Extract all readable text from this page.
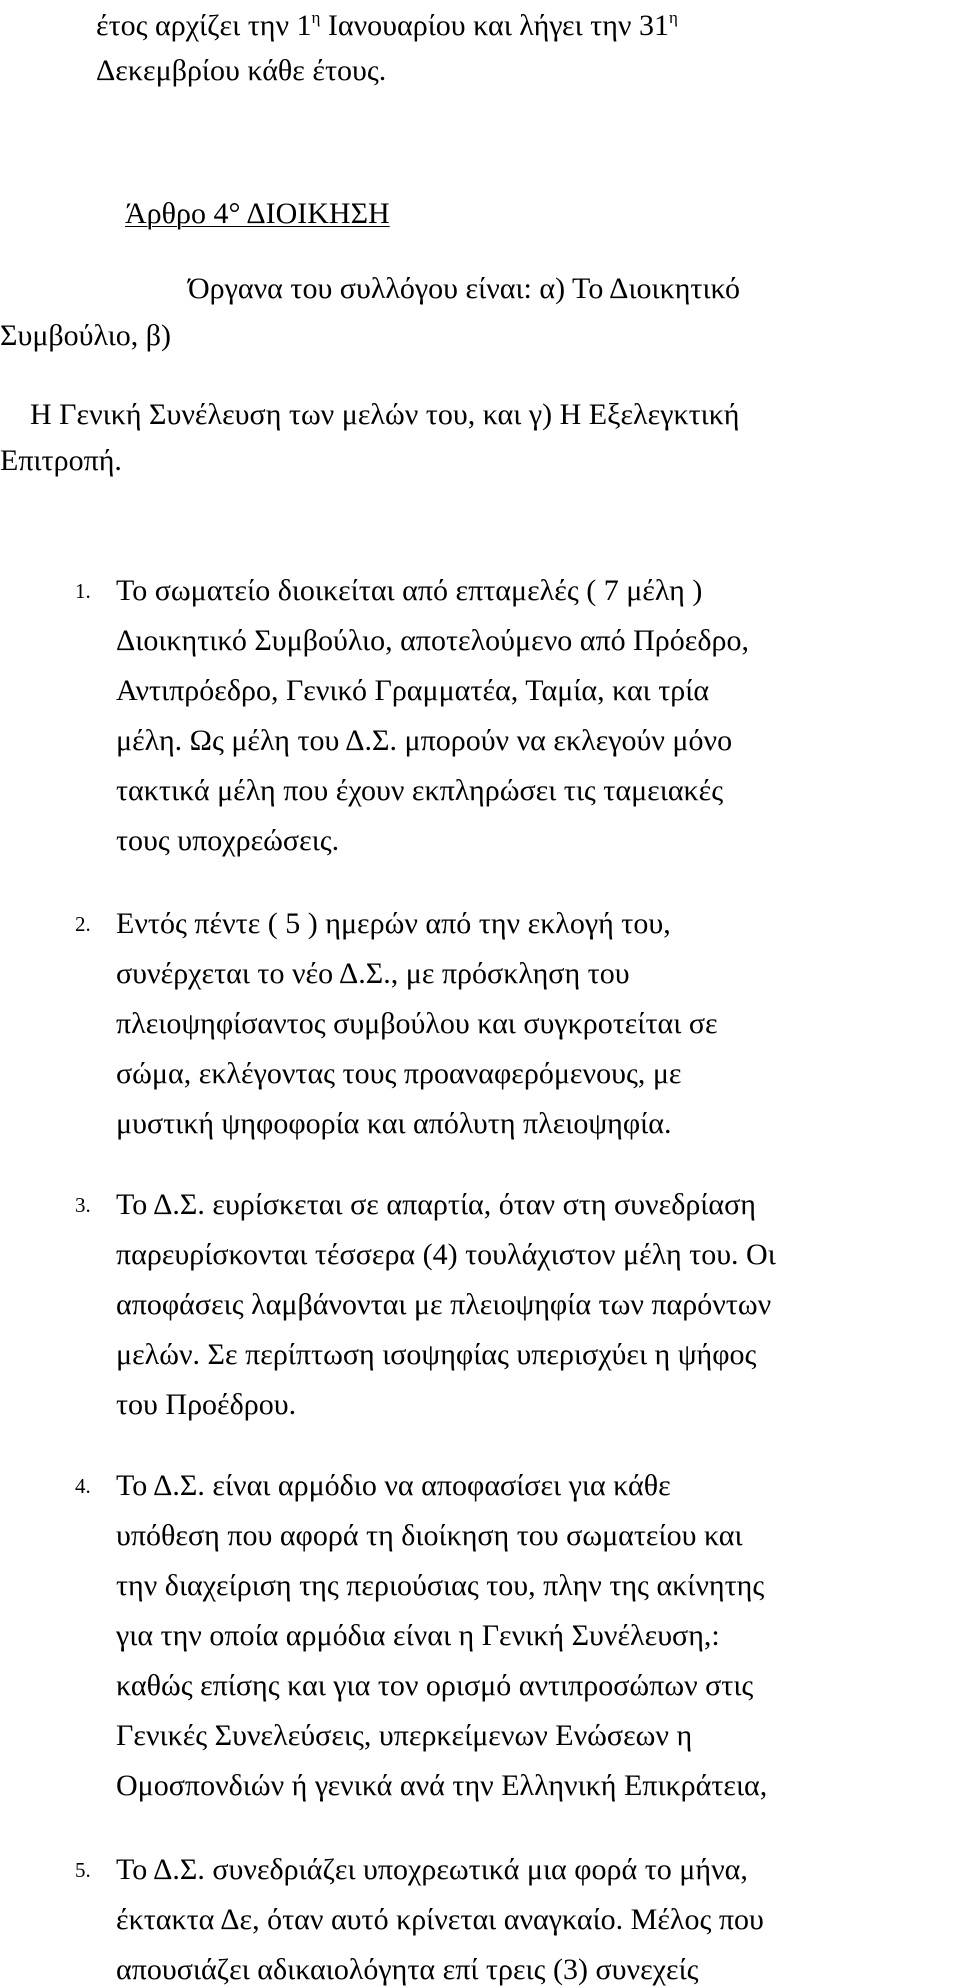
έτος αρχίζει την $1^\eta$ Ιανουαρίου και λήγει την $31^\eta$
Δεκεμβρίου κάθε έτους.
Άρθρο 4° ΔΙΟΙΚΗΣΗ
Όργανα του συλλόγου είναι: α) Το Διοικητικό
Συμβούλιο, β)
Η Γενική Συνέλευση των μελών του, και γ) Η Εξελεγκτική
Επιτροπή.
1. Το σωματείο διοικείται από επταμελές ( 7 μέλη )
Διοικητικό Συμβούλιο, αποτελούμενο από Πρόεδρο,
Αντιπρόεδρο, Γενικό Γραμματέα, Ταμία, και τρία
μέλη. Ως μέλη του Δ.Σ. μπορούν να εκλεγούν μόνο
τακτικά μέλη που έχουν εκπληρώσει τις ταμειακές
τους υποχρεώσεις.
2. Εντός πέντε ( 5 ) ημερών από την εκλογή του,
συνέρχεται το νέο Δ.Σ., με πρόσκληση του
πλειοψηφίσαντος συμβούλου και συγκροτείται σε
σώμα, εκλέγοντας τους προαναφερόμενους, με
μυστική ψηφοφορία και απόλυτη πλειοψηφία.
3. Το Δ.Σ. ευρίσκεται σε απαρτία, όταν στη συνεδρίαση
παρευρίσκονται τέσσερα (4) τουλάχιστον μέλη του. Οι
αποφάσεις λαμβάνονται με πλειοψηφία των παρόντων
μελών. Σε περίπτωση ισοψηφίας υπερισχύει η ψήφος
του Προέδρου.
4. Το Δ.Σ. είναι αρμόδιο να αποφασίσει για κάθε
υπόθεση που αφορά τη διοίκηση του σωματείου και
την διαχείριση της περιούσιας του, πλην της ακίνητης
για την οποία αρμόδια είναι η Γενική Συνέλευση,:
καθώς επίσης και για τον ορισμό αντιπροσώπων στις
Γενικές Συνελεύσεις, υπερκείμενων Ενώσεων η
Ομοσπονδιών ή γενικά ανά την Ελληνική Επικράτεια,
5. Το Δ.Σ. συνεδριάζει υποχρεωτικά μια φορά το μήνα,
έκτακτα Δε, όταν αυτό κρίνεται αναγκαίο. Μέλος που
απουσιάζει αδικαιολόγητα επί τρεις (3) συνεχείς
